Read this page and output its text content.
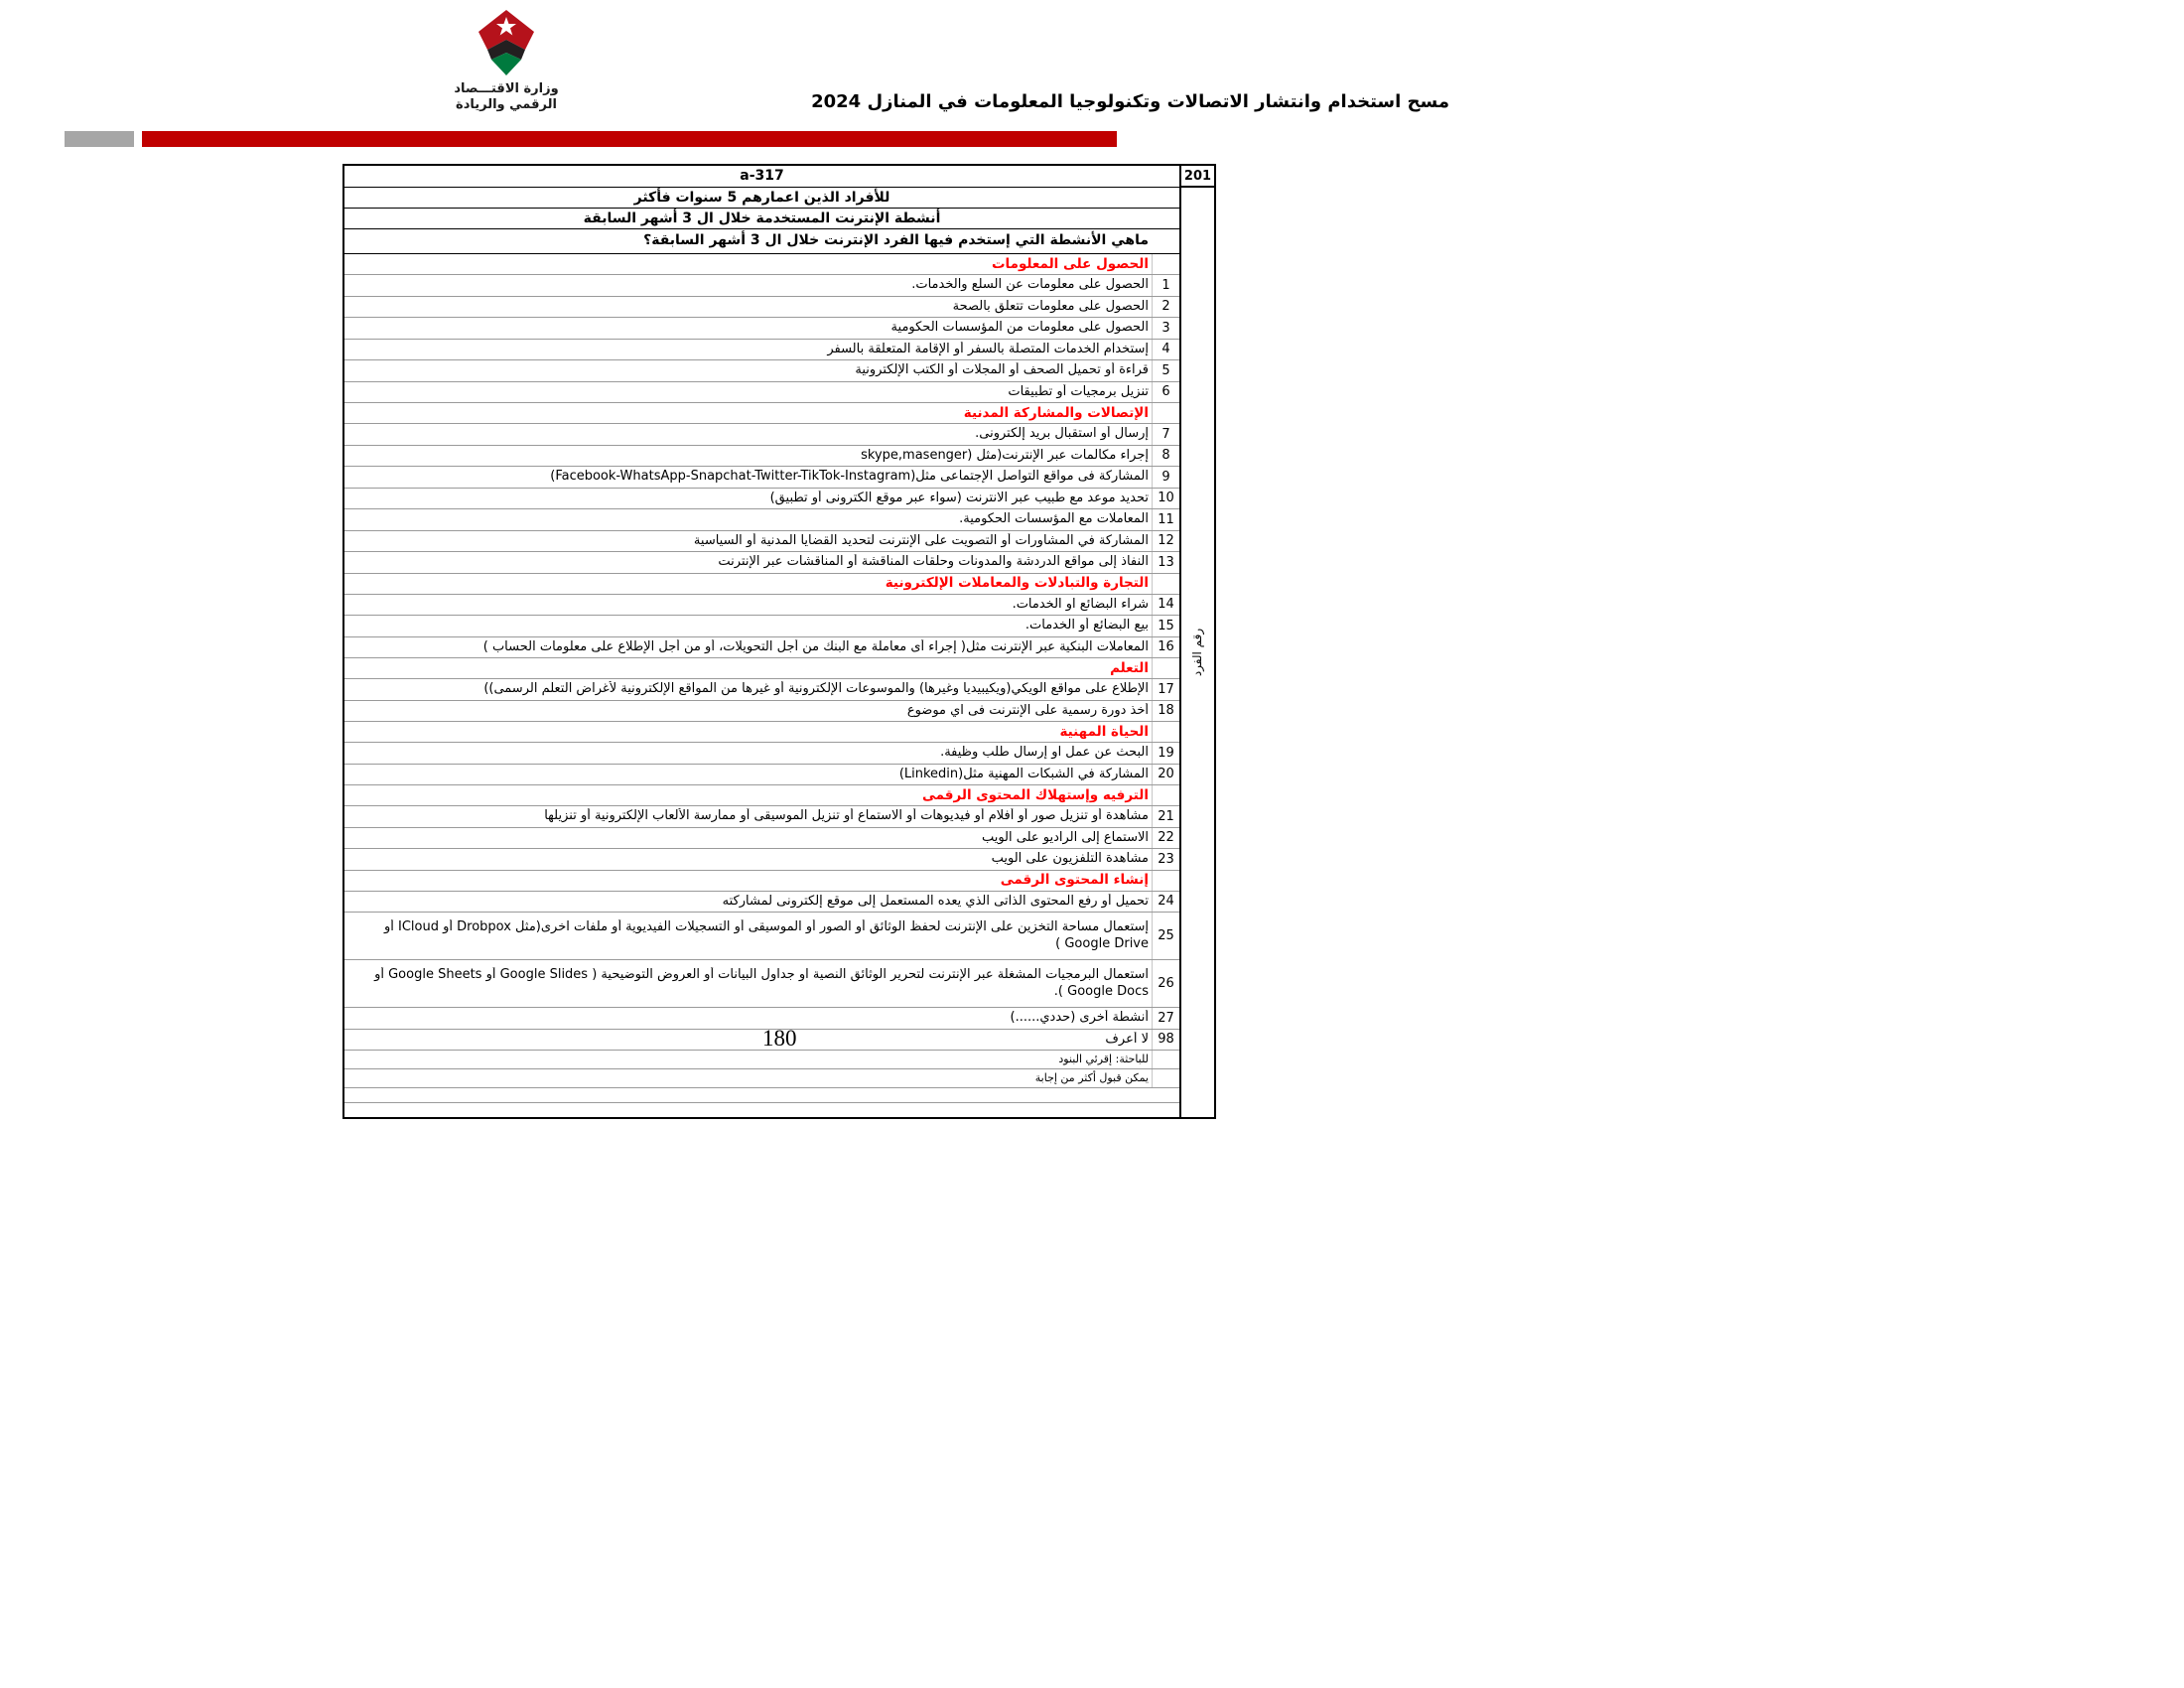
وزارة الاقتـــصاد
الرقمي والريادة	مسح استخدام وانتشار الاتصالات وتكنولوجيا المعلومات في المنازل 2024
317-a
للأفراد الذين اعمارهم 5 سنوات فأكثر
أنشطة الإنترنت المستخدمة خلال ال 3 أشهر السابقة
ماهي الأنشطة التي إستخدم فيها الفرد الإنترنت خلال ال 3 أشهر السابقة؟
الحصول على المعلومات
1
الحصول على معلومات عن السلع والخدمات.
2
الحصول على معلومات تتعلق بالصحة
3
الحصول على معلومات من المؤسسات الحكومية
4
إستخدام الخدمات المتصلة بالسفر أو الإقامة المتعلقة بالسفر
5
قراءة أو تحميل الصحف أو المجلات أو الكتب الإلكترونية
6
تنزيل برمجيات أو تطبيقات
الإتصالات والمشاركة المدنية
7
إرسال أو استقبال بريد إلكترونى.
8
إجراء مكالمات عبر الإنترنت(مثل (skype,masenger
9
المشاركة فى مواقع التواصل الإجتماعى مثل(Facebook-WhatsApp-Snapchat-Twitter-TikTok-Instagram)
10
تحديد موعد مع طبيب عبر الانترنت (سواء عبر موقع الكترونى أو تطبيق)
11
المعاملات مع المؤسسات الحكومية.
12
المشاركة في المشاورات أو التصويت على الإنترنت لتحديد القضايا المدنية أو السياسية
13
النفاذ إلى مواقع الدردشة والمدونات وحلقات المناقشة أو المناقشات عبر الإنترنت
التجارة والتبادلات والمعاملات الإلكترونية
14
شراء البضائع او الخدمات.
15
بيع البضائع أو الخدمات.
16
المعاملات البنكية عبر الإنترنت مثل( إجراء أى معاملة مع البنك من أجل التحويلات، أو من أجل الإطلاع على معلومات الحساب )
التعلم
17
الإطلاع على مواقع الويكي(ويكيبيديا وغيرها) والموسوعات الإلكترونية أو غيرها من المواقع الإلكترونية لأغراض التعلم الرسمى))
18
أخذ دورة رسمية على الإنترنت فى اي موضوع
الحياة المهنية
19
البحث عن عمل او إرسال طلب وظيفة.
20
المشاركة في الشبكات المهنية مثل(Linkedin)
الترفيه وإستهلاك المحتوى الرقمى
21
مشاهدة أو تنزيل صور أو أفلام أو فيديوهات أو الاستماع أو تنزيل الموسيقى أو ممارسة الألعاب الإلكترونية أو تنزيلها
22
الاستماع إلى الراديو على الويب
23
مشاهدة التلفزيون على الويب
إنشاء المحتوى الرقمى
24
تحميل أو رفع المحتوى الذاتى الذي يعده المستعمل إلى موقع إلكترونى لمشاركته
25
إستعمال مساحة التخزين على الإنترنت لحفظ الوثائق أو الصور أو الموسيقى أو التسجيلات الفيديوية أو ملفات اخرى(مثل Drobpox أو ICloud أو Google Drive )
26
استعمال البرمجيات المشغلة عبر الإنترنت لتحرير الوثائق النصية او جداول البيانات أو العروض التوضيحية ( Google Slides أو Google Sheets أو Google Docs ).
27
أنشطة أخرى (حددي......)
98
لا أعرف
للباحثة: إقرئي البنود
يمكن قبول أكثر من إجابة
201
رقم الفرد
180
